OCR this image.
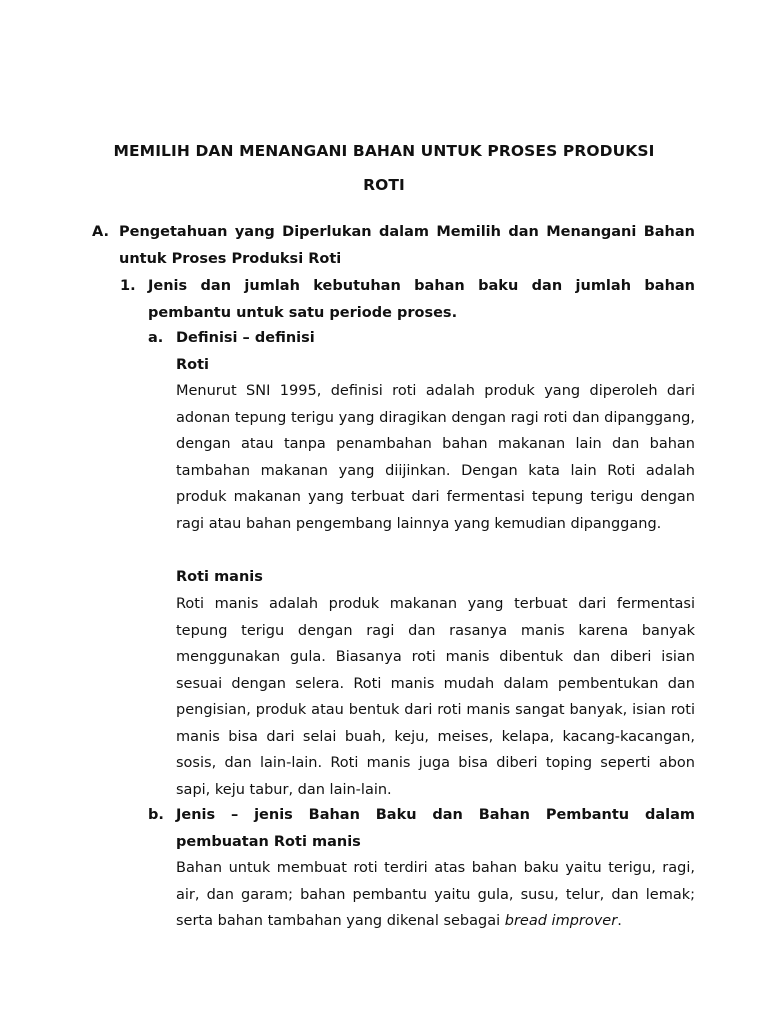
MEMILIH DAN MENANGANI BAHAN UNTUK PROSES PRODUKSI
ROTI
A. Pengetahuan yang Diperlukan dalam Memilih dan Menangani Bahan untuk Proses Produksi Roti
1. Jenis dan jumlah kebutuhan bahan baku dan jumlah bahan pembantu untuk satu periode proses.
a. Definisi – definisi
Roti
Menurut SNI 1995, definisi roti adalah produk yang diperoleh dari adonan tepung terigu yang diragikan dengan ragi roti dan dipanggang, dengan atau tanpa penambahan bahan makanan lain dan bahan tambahan makanan yang diijinkan. Dengan kata lain Roti adalah produk makanan yang terbuat dari fermentasi tepung terigu dengan ragi atau bahan pengembang lainnya yang kemudian dipanggang.
Roti manis
Roti manis adalah produk makanan yang terbuat dari fermentasi tepung terigu dengan ragi dan rasanya manis karena banyak menggunakan gula. Biasanya roti manis dibentuk dan diberi isian sesuai dengan selera. Roti manis mudah dalam pembentukan dan pengisian, produk atau bentuk dari roti manis sangat banyak, isian roti manis bisa dari selai buah, keju, meises, kelapa, kacang-kacangan, sosis, dan lain-lain. Roti manis juga bisa diberi toping seperti abon sapi, keju tabur, dan lain-lain.
b. Jenis – jenis Bahan Baku dan Bahan Pembantu dalam pembuatan Roti manis
Bahan untuk membuat roti terdiri atas bahan baku yaitu terigu, ragi, air, dan garam; bahan pembantu yaitu gula, susu, telur, dan lemak; serta bahan tambahan yang dikenal sebagai bread improver.
